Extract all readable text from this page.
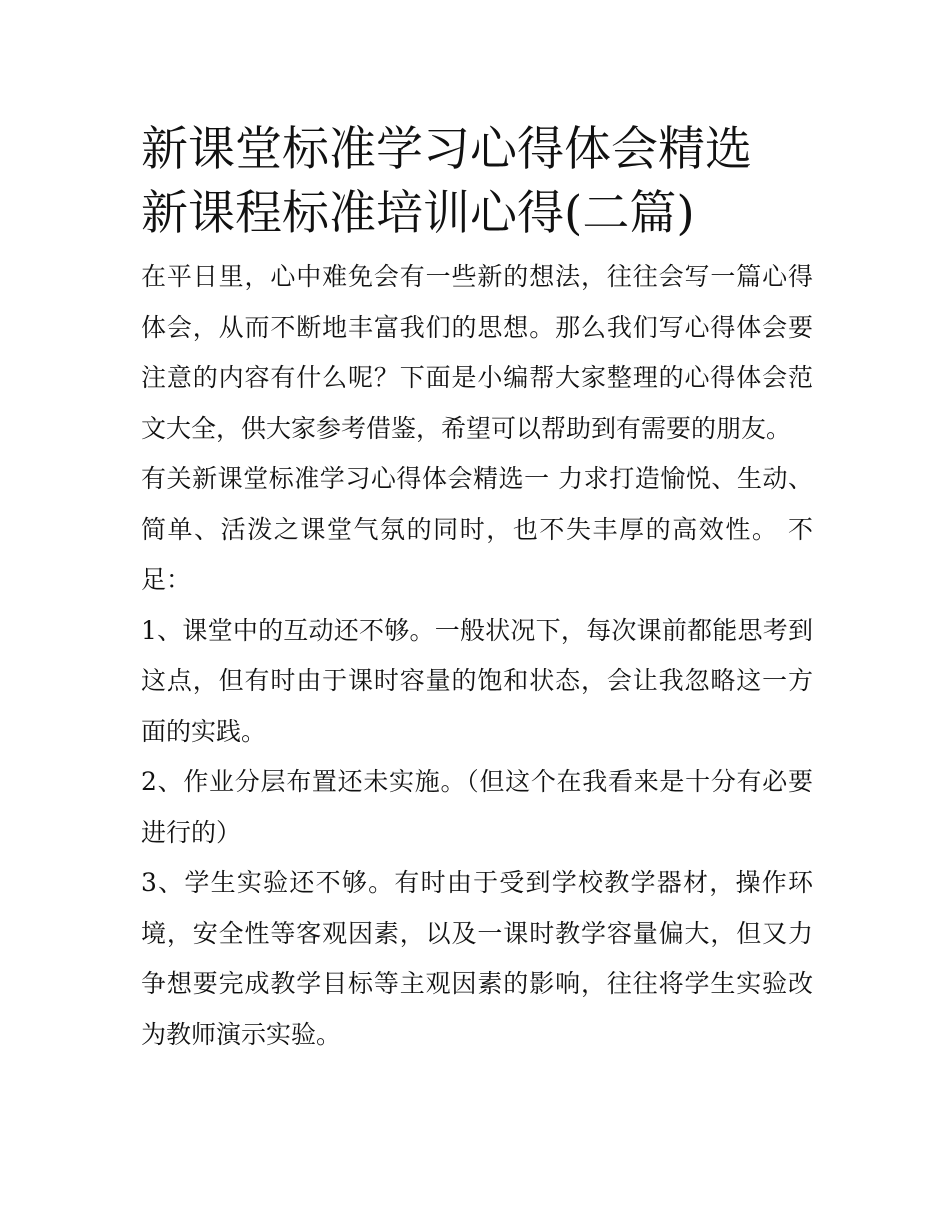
新课堂标准学习心得体会精选
新课程标准培训心得(二篇)

在平日里，心中难免会有一些新的想法，往往会写一篇心得体会，从而不断地丰富我们的思想。那么我们写心得体会要注意的内容有什么呢？下面是小编帮大家整理的心得体会范文大全，供大家参考借鉴，希望可以帮助到有需要的朋友。

有关新课堂标准学习心得体会精选一 力求打造愉悦、生动、简单、活泼之课堂气氛的同时，也不失丰厚的高效性。 不足：

1、课堂中的互动还不够。一般状况下，每次课前都能思考到这点，但有时由于课时容量的饱和状态，会让我忽略这一方面的实践。

2、作业分层布置还未实施。（但这个在我看来是十分有必要进行的）

3、学生实验还不够。有时由于受到学校教学器材，操作环境，安全性等客观因素，以及一课时教学容量偏大，但又力争想要完成教学目标等主观因素的影响，往往将学生实验改为教师演示实验。
